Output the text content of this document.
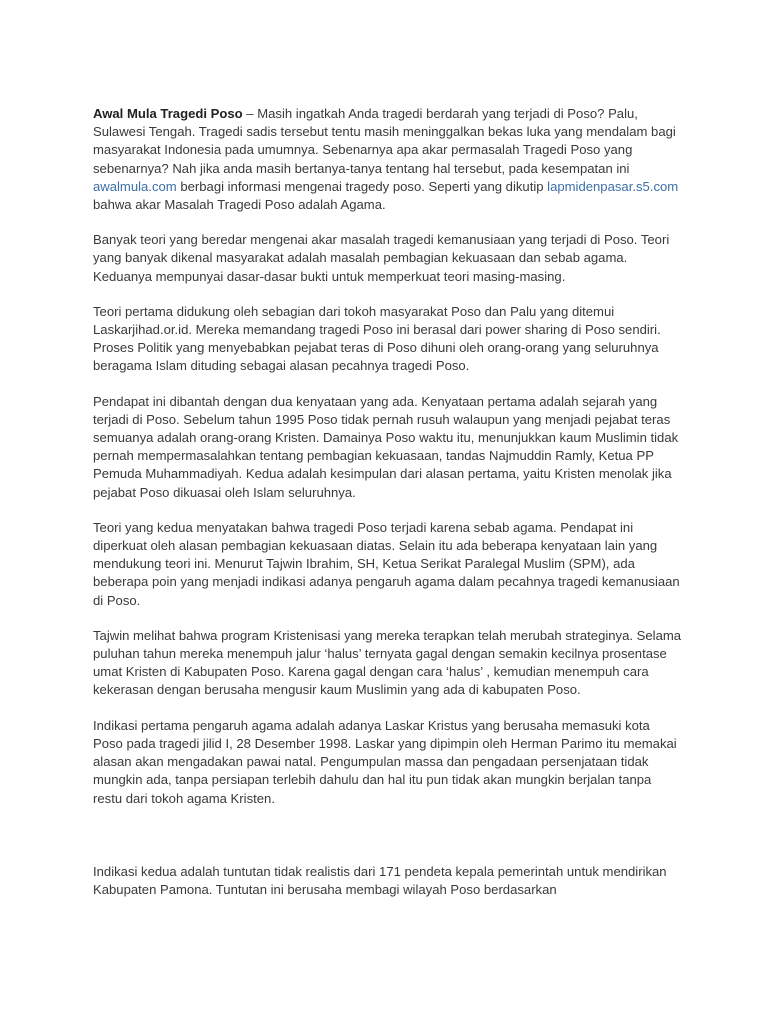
Awal Mula Tragedi Poso – Masih ingatkah Anda tragedi berdarah yang terjadi di Poso? Palu, Sulawesi Tengah. Tragedi sadis tersebut tentu masih meninggalkan bekas luka yang mendalam bagi masyarakat Indonesia pada umumnya. Sebenarnya apa akar permasalah Tragedi Poso yang sebenarnya? Nah jika anda masih bertanya-tanya tentang hal tersebut, pada kesempatan ini awalmula.com berbagi informasi mengenai tragedy poso. Seperti yang dikutip lapmidenpasar.s5.com bahwa akar Masalah Tragedi Poso adalah Agama.

Banyak teori yang beredar mengenai akar masalah tragedi kemanusiaan yang terjadi di Poso. Teori yang banyak dikenal masyarakat adalah masalah pembagian kekuasaan dan sebab agama. Keduanya mempunyai dasar-dasar bukti untuk memperkuat teori masing-masing.

Teori pertama didukung oleh sebagian dari tokoh masyarakat Poso dan Palu yang ditemui Laskarjihad.or.id. Mereka memandang tragedi Poso ini berasal dari power sharing di Poso sendiri. Proses Politik yang menyebabkan pejabat teras di Poso dihuni oleh orang-orang yang seluruhnya beragama Islam dituding sebagai alasan pecahnya tragedi Poso.

Pendapat ini dibantah dengan dua kenyataan yang ada. Kenyataan pertama adalah sejarah yang terjadi di Poso. Sebelum tahun 1995 Poso tidak pernah rusuh walaupun yang menjadi pejabat teras semuanya adalah orang-orang Kristen. Damainya Poso waktu itu, menunjukkan kaum Muslimin tidak pernah mempermasalahkan tentang pembagian kekuasaan, tandas Najmuddin Ramly, Ketua PP Pemuda Muhammadiyah. Kedua adalah kesimpulan dari alasan pertama, yaitu Kristen menolak jika pejabat Poso dikuasai oleh Islam seluruhnya.

Teori yang kedua menyatakan bahwa tragedi Poso terjadi karena sebab agama. Pendapat ini diperkuat oleh alasan pembagian kekuasaan diatas. Selain itu ada beberapa kenyataan lain yang mendukung teori ini. Menurut Tajwin Ibrahim, SH, Ketua Serikat Paralegal Muslim (SPM), ada beberapa poin yang menjadi indikasi adanya pengaruh agama dalam pecahnya tragedi kemanusiaan di Poso.

Tajwin melihat bahwa program Kristenisasi yang mereka terapkan telah merubah strateginya. Selama puluhan tahun mereka menempuh jalur ‘halus’ ternyata gagal dengan semakin kecilnya prosentase umat Kristen di Kabupaten Poso. Karena gagal dengan cara ‘halus’ , kemudian menempuh cara kekerasan dengan berusaha mengusir kaum Muslimin yang ada di kabupaten Poso.

Indikasi pertama pengaruh agama adalah adanya Laskar Kristus yang berusaha memasuki kota Poso pada tragedi jilid I, 28 Desember 1998. Laskar yang dipimpin oleh Herman Parimo itu memakai alasan akan mengadakan pawai natal. Pengumpulan massa dan pengadaan persenjataan tidak mungkin ada, tanpa persiapan terlebih dahulu dan hal itu pun tidak akan mungkin berjalan tanpa restu dari tokoh agama Kristen.

Indikasi kedua adalah tuntutan tidak realistis dari 171 pendeta kepala pemerintah untuk mendirikan Kabupaten Pamona. Tuntutan ini berusaha membagi wilayah Poso berdasarkan
